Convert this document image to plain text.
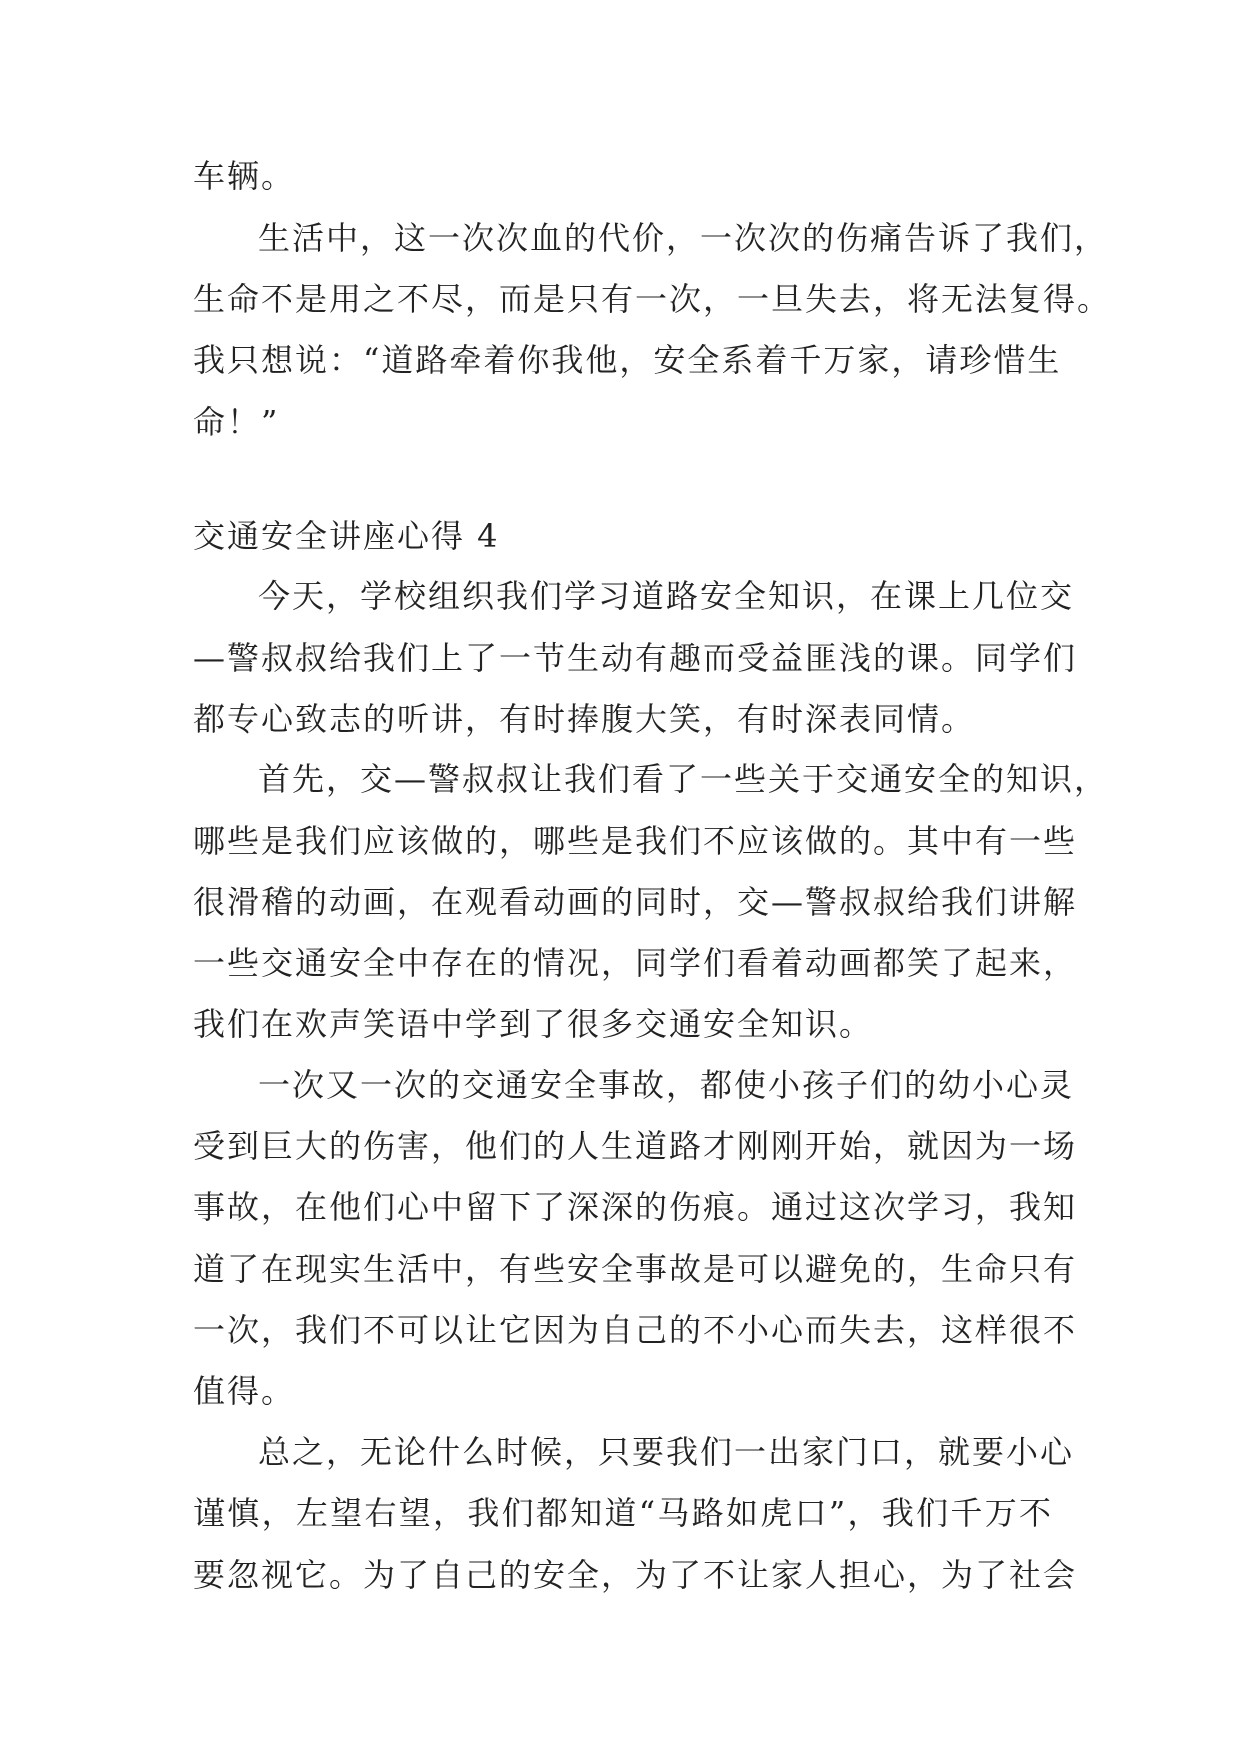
车辆。
生活中，这一次次血的代价，一次次的伤痛告诉了我们，
生命不是用之不尽，而是只有一次，一旦失去，将无法复得。
我只想说：“道路牵着你我他，安全系着千万家，请珍惜生
命！”
交通安全讲座心得 4
今天，学校组织我们学习道路安全知识，在课上几位交
—警叔叔给我们上了一节生动有趣而受益匪浅的课。同学们
都专心致志的听讲，有时捧腹大笑，有时深表同情。
首先，交—警叔叔让我们看了一些关于交通安全的知识，
哪些是我们应该做的，哪些是我们不应该做的。其中有一些
很滑稽的动画，在观看动画的同时，交—警叔叔给我们讲解
一些交通安全中存在的情况，同学们看着动画都笑了起来，
我们在欢声笑语中学到了很多交通安全知识。
一次又一次的交通安全事故，都使小孩子们的幼小心灵
受到巨大的伤害，他们的人生道路才刚刚开始，就因为一场
事故，在他们心中留下了深深的伤痕。通过这次学习，我知
道了在现实生活中，有些安全事故是可以避免的，生命只有
一次，我们不可以让它因为自己的不小心而失去，这样很不
值得。
总之，无论什么时候，只要我们一出家门口，就要小心
谨慎，左望右望，我们都知道“马路如虎口”，我们千万不
要忽视它。为了自己的安全，为了不让家人担心，为了社会
